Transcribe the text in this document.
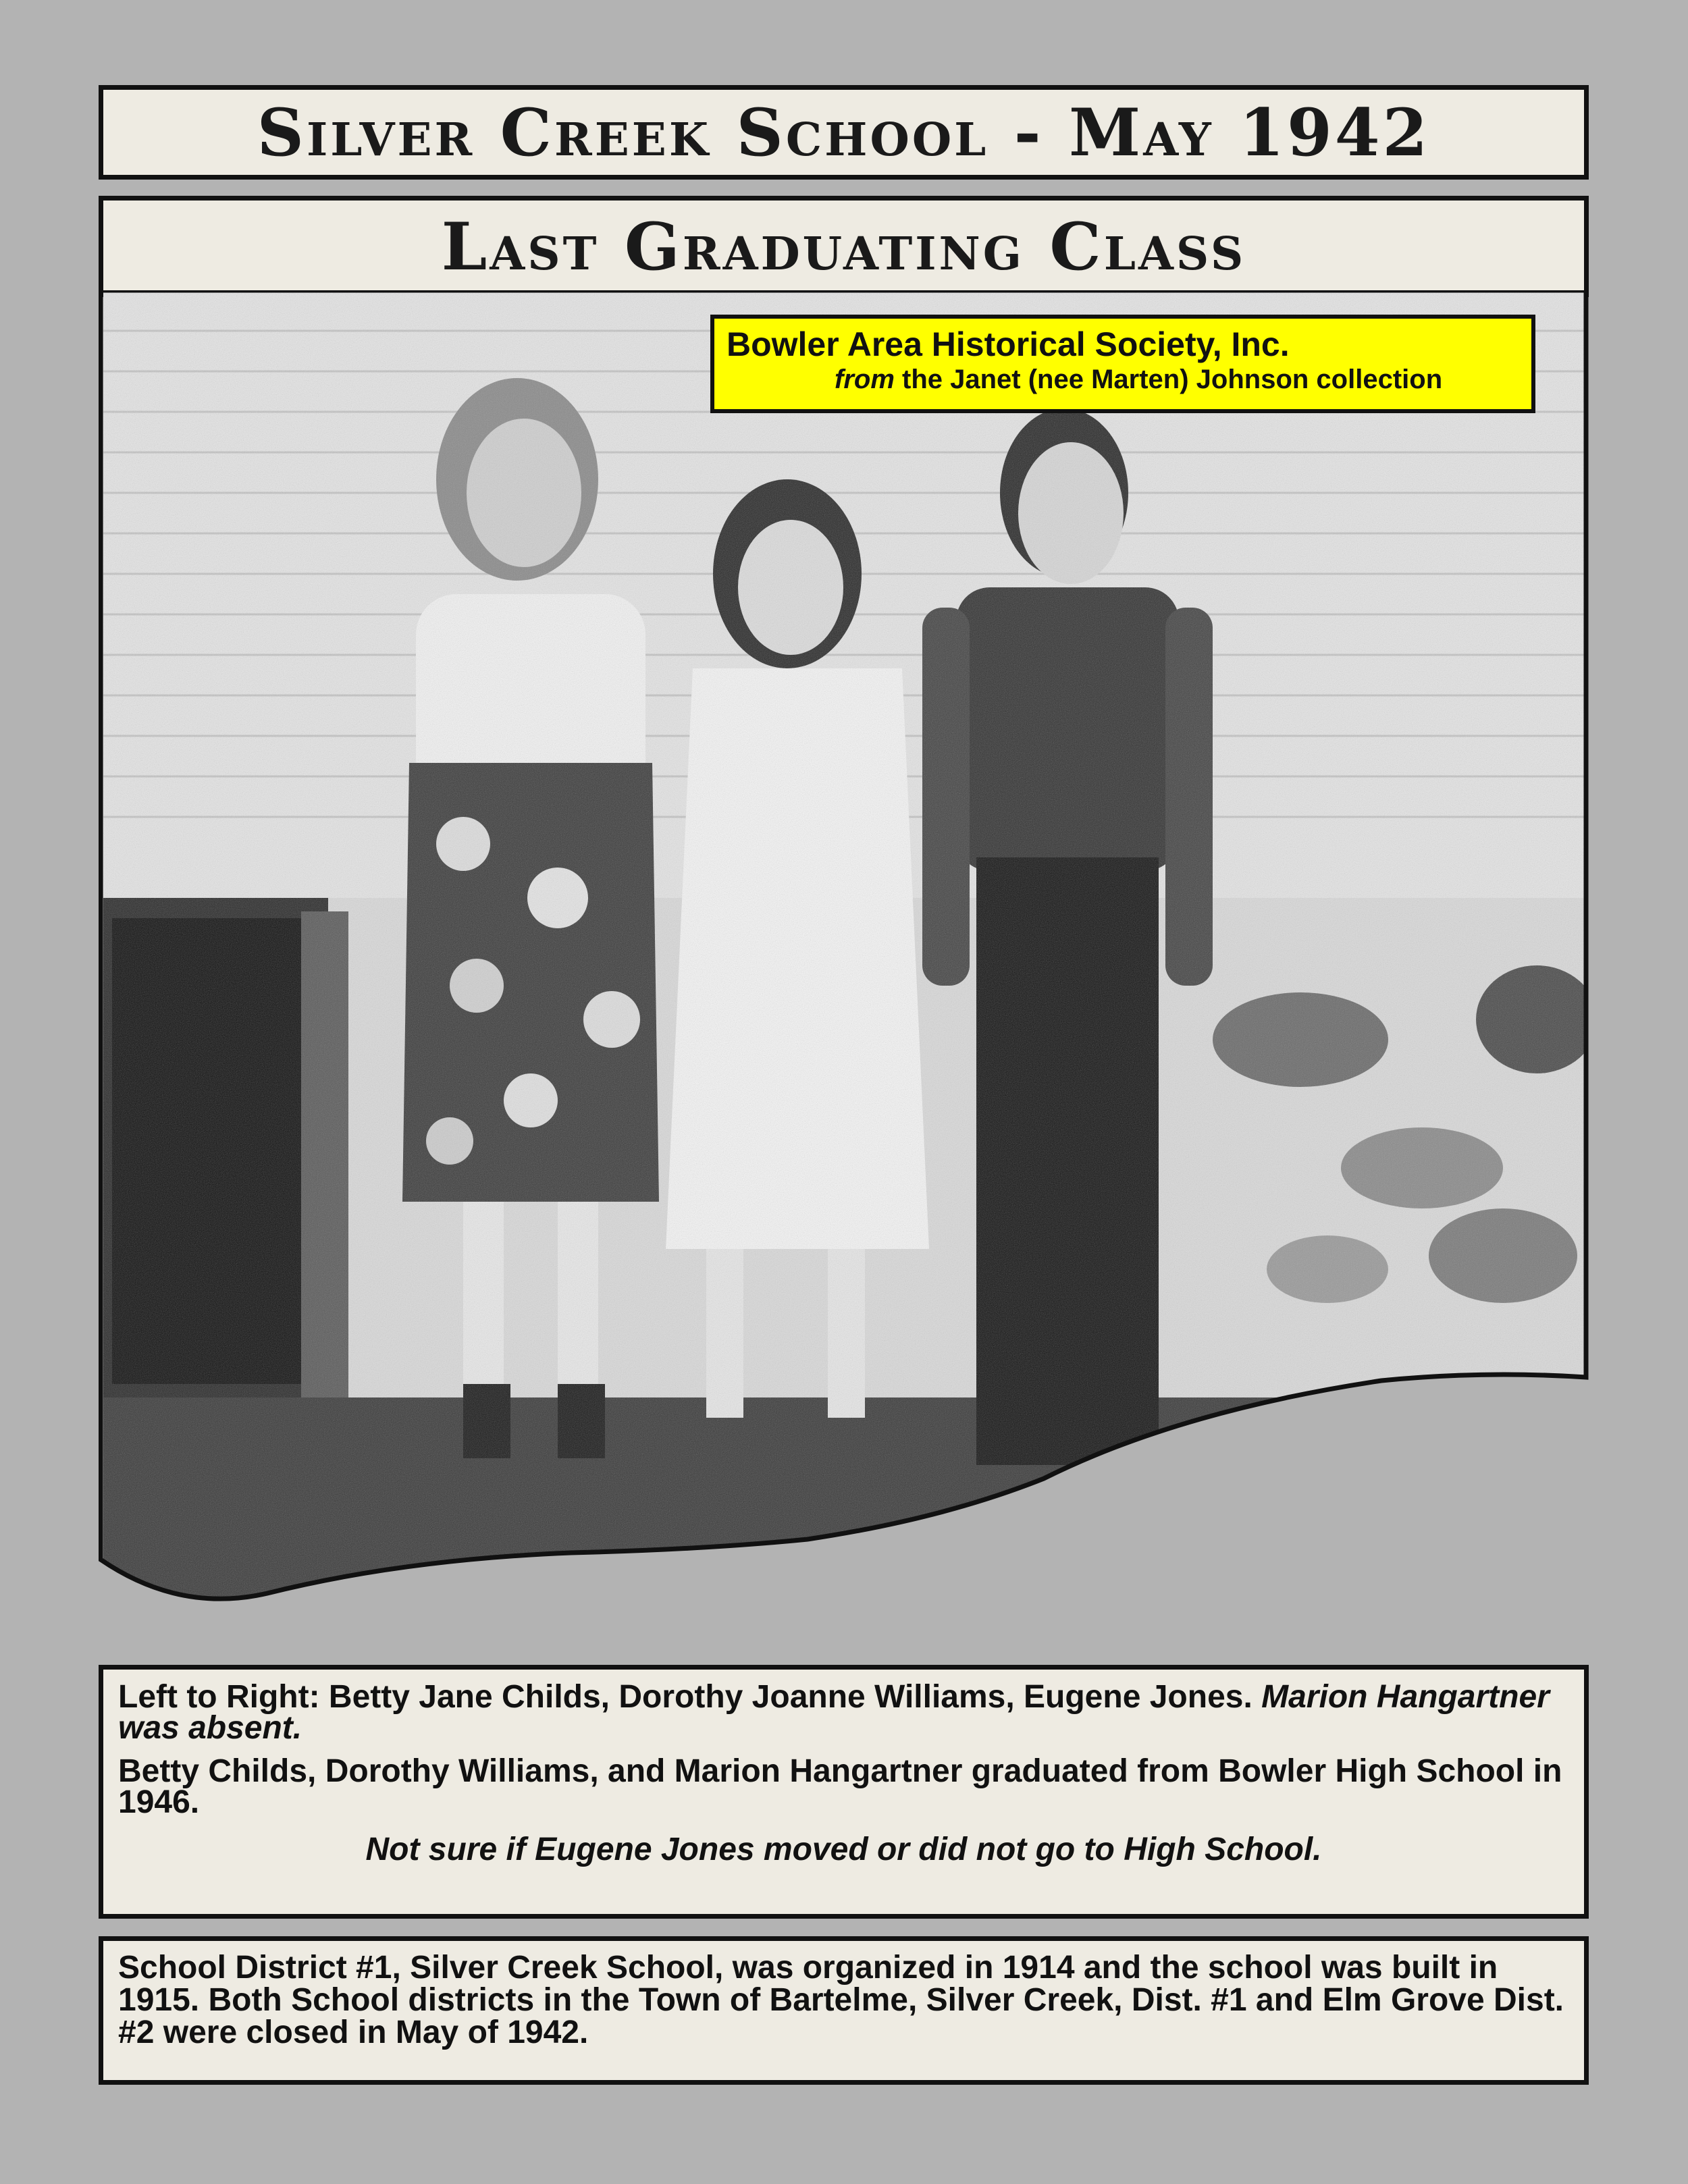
Silver Creek School - May 1942
Last Graduating Class
Bowler Area Historical Society, Inc.
from the Janet (nee Marten) Johnson collection

Left to Right: Betty Jane Childs, Dorothy Joanne Williams, Eugene Jones. Marion Hangartner was absent.

Betty Childs, Dorothy Williams, and Marion Hangartner graduated from Bowler High School in 1946.

Not sure if Eugene Jones moved or did not go to High School.

School District #1, Silver Creek School, was organized in 1914 and the school was built in 1915. Both School districts in the Town of Bartelme, Silver Creek, Dist. #1 and Elm Grove Dist. #2 were closed in May of 1942.
